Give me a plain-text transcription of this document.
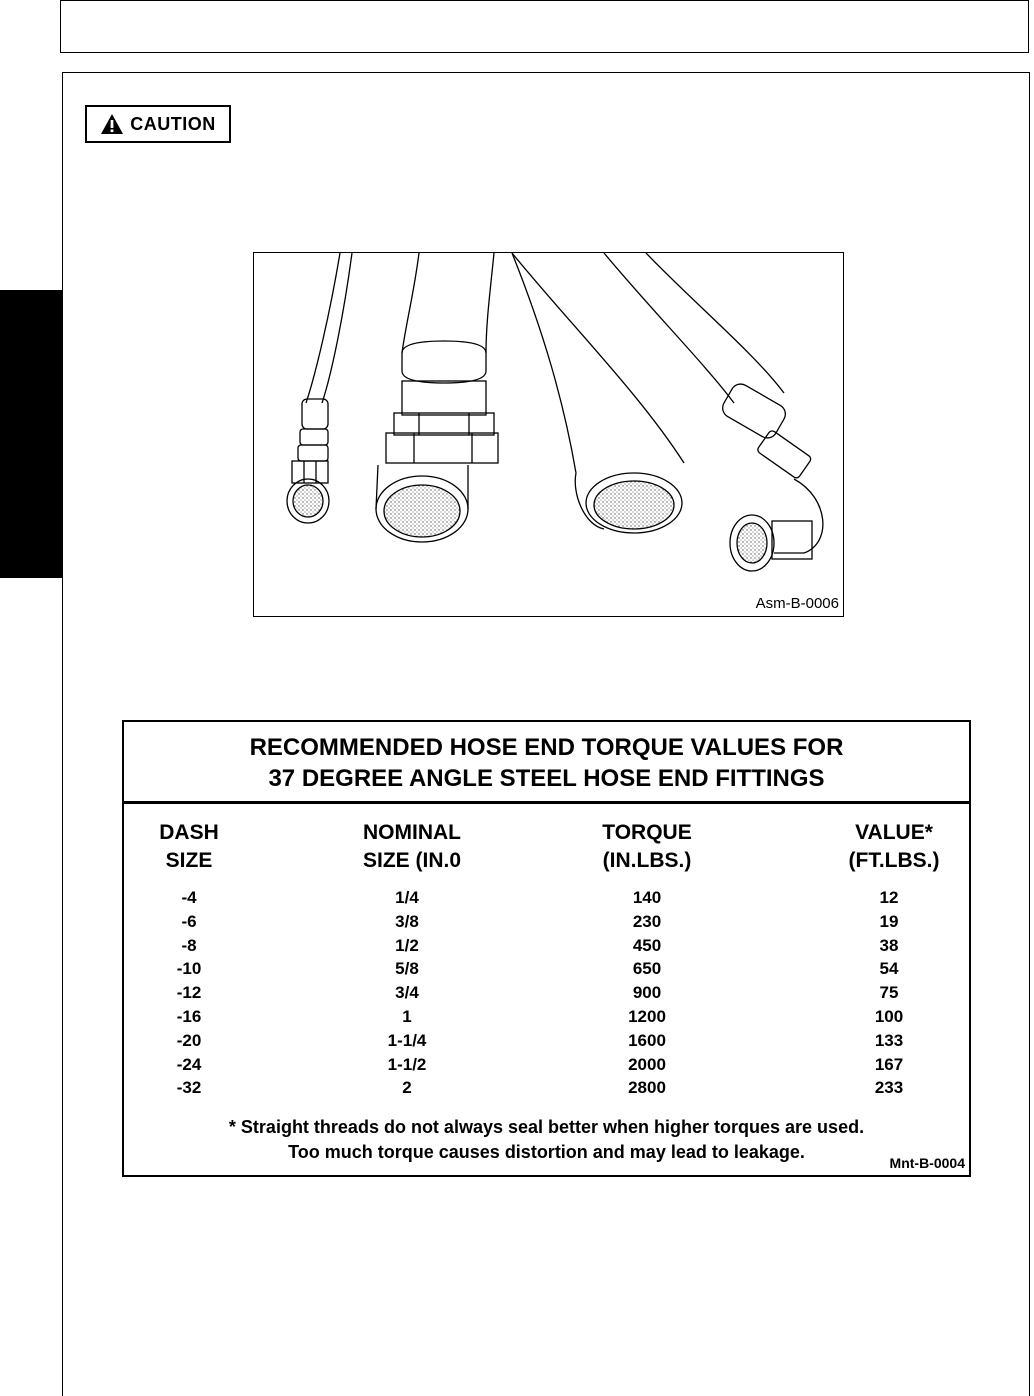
CAUTION
Asm-B-0006
RECOMMENDED HOSE END TORQUE VALUES FOR
37 DEGREE ANGLE STEEL HOSE END FITTINGS
DASH
SIZE
NOMINAL
SIZE (IN.0
TORQUE
(IN.LBS.)
VALUE*
(FT.LBS.)
-4
-6
-8
-10
-12
-16
-20
-24
-32
1/4
3/8
1/2
5/8
3/4
1
1-1/4
1-1/2
2
140
230
450
650
900
1200
1600
2000
2800
12
19
38
54
75
100
133
167
233
* Straight threads do not always seal better when higher torques are used.
Too much torque causes distortion and may lead to leakage.
Mnt-B-0004
